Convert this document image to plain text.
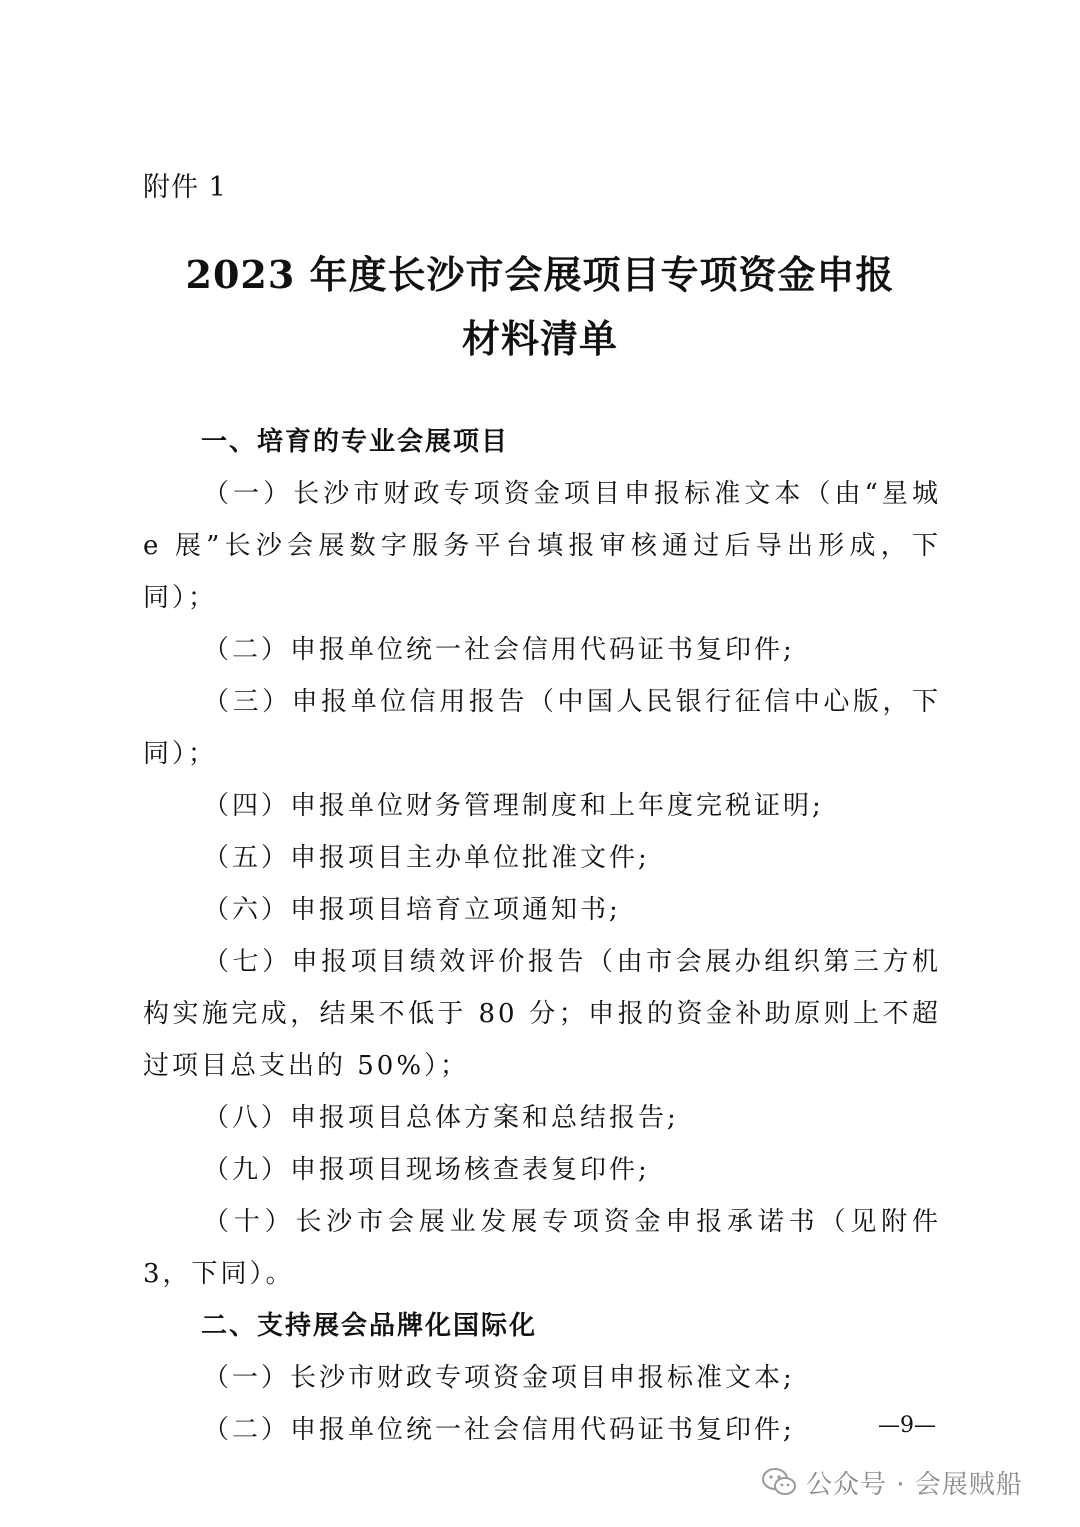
附件 1
2023 年度长沙市会展项目专项资金申报
材料清单

一、培育的专业会展项目

（一）长沙市财政专项资金项目申报标准文本（由“星城 e 展”长沙会展数字服务平台填报审核通过后导出形成，下同）；

（二）申报单位统一社会信用代码证书复印件;

（三）申报单位信用报告（中国人民银行征信中心版，下同）；

（四）申报单位财务管理制度和上年度完税证明;

（五）申报项目主办单位批准文件;

（六）申报项目培育立项通知书;

（七）申报项目绩效评价报告（由市会展办组织第三方机构实施完成，结果不低于 80 分；申报的资金补助原则上不超过项目总支出的 50%）；

（八）申报项目总体方案和总结报告;

（九）申报项目现场核查表复印件;

（十）长沙市会展业发展专项资金申报承诺书（见附件 3，下同）。

二、支持展会品牌化国际化

（一）长沙市财政专项资金项目申报标准文本;

（二）申报单位统一社会信用代码证书复印件;	—9—
公众号 · 会展贼船
